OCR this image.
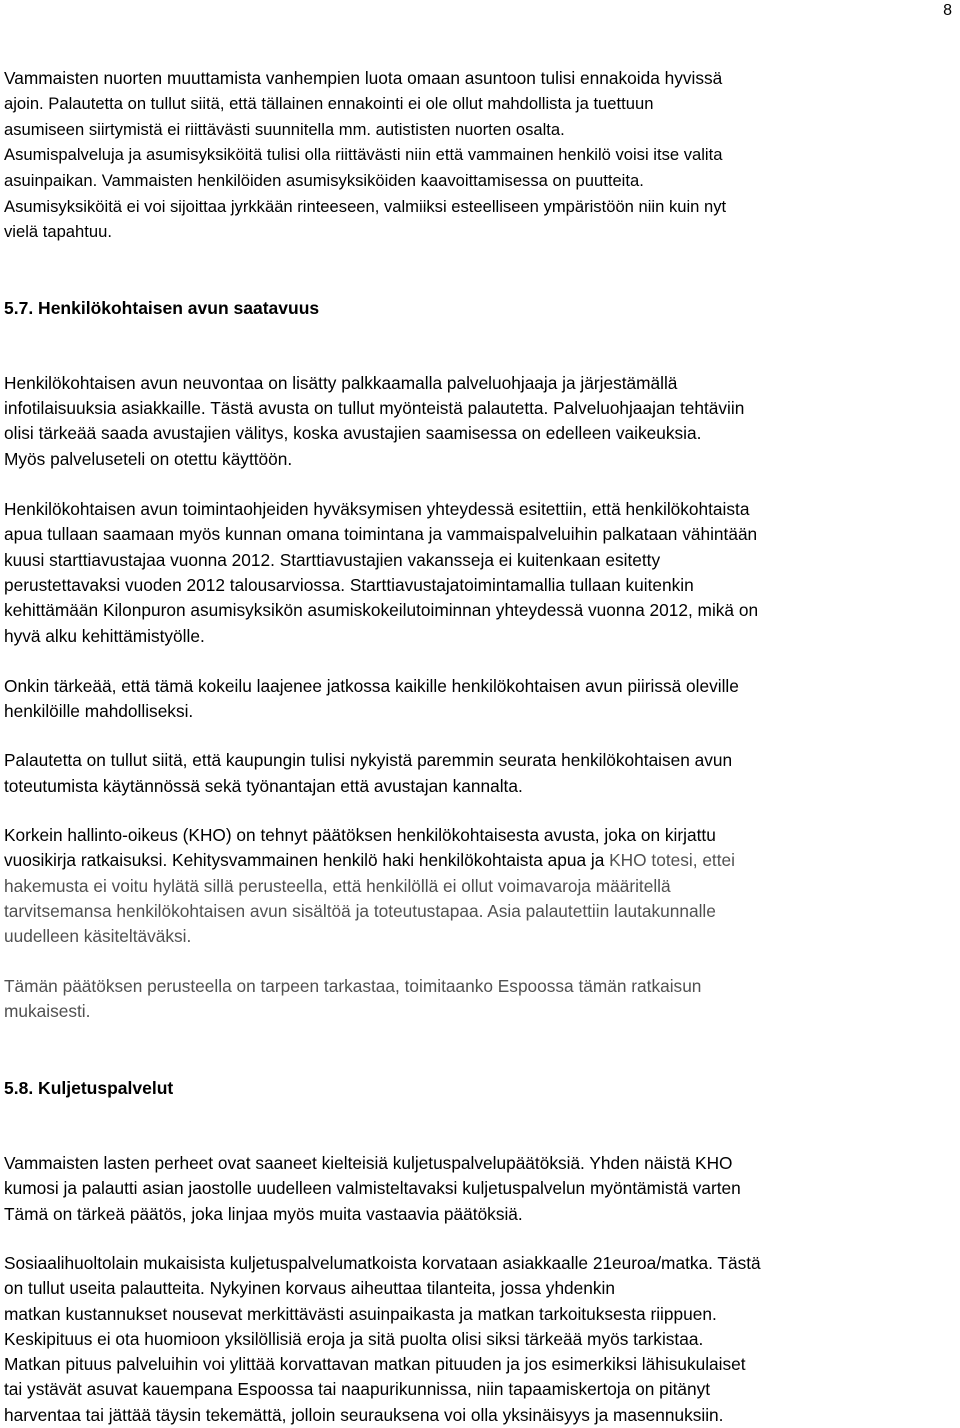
8

Vammaisten nuorten muuttamista vanhempien luota omaan asuntoon tulisi ennakoida hyvissä
ajoin. Palautetta on tullut siitä, että tällainen ennakointi ei ole ollut mahdollista ja tuettuun
asumiseen siirtymistä ei riittävästi suunnitella mm. autististen nuorten osalta.
Asumispalveluja ja asumisyksiköitä tulisi olla riittävästi niin että vammainen henkilö voisi itse valita
asuinpaikan. Vammaisten henkilöiden asumisyksiköiden kaavoittamisessa on puutteita.
Asumisyksiköitä ei voi sijoittaa jyrkkään rinteeseen, valmiiksi esteelliseen ympäristöön niin kuin nyt
vielä tapahtuu.

5.7. Henkilökohtaisen avun saatavuus

Henkilökohtaisen avun neuvontaa on lisätty palkkaamalla palveluohjaaja ja järjestämällä
infotilaisuuksia asiakkaille. Tästä avusta on tullut myönteistä palautetta. Palveluohjaajan tehtäviin
olisi tärkeää saada avustajien välitys, koska avustajien saamisessa on edelleen vaikeuksia.
Myös palveluseteli on otettu käyttöön.

Henkilökohtaisen avun toimintaohjeiden hyväksymisen yhteydessä esitettiin, että henkilökohtaista
apua tullaan saamaan myös kunnan omana toimintana ja vammaispalveluihin palkataan vähintään
kuusi starttiavustajaa vuonna 2012. Starttiavustajien vakansseja ei kuitenkaan esitetty
perustettavaksi vuoden 2012 talousarviossa. Starttiavustajatoimintamallia tullaan kuitenkin
kehittämään Kilonpuron asumisyksikön asumiskokeilutoiminnan yhteydessä vuonna 2012, mikä on
hyvä alku kehittämistyölle.

Onkin tärkeää, että tämä kokeilu laajenee jatkossa kaikille henkilökohtaisen avun piirissä oleville
henkilöille mahdolliseksi.

Palautetta on tullut siitä, että kaupungin tulisi nykyistä paremmin seurata henkilökohtaisen avun
toteutumista käytännössä sekä työnantajan että avustajan kannalta.

Korkein hallinto-oikeus (KHO) on tehnyt päätöksen henkilökohtaisesta avusta, joka on kirjattu
vuosikirja ratkaisuksi. Kehitysvammainen henkilö haki henkilökohtaista apua ja KHO totesi, ettei
hakemusta ei voitu hylätä sillä perusteella, että henkilöllä ei ollut voimavaroja määritellä
tarvitsemansa henkilökohtaisen avun sisältöä ja toteutustapaa. Asia palautettiin lautakunnalle
uudelleen käsiteltäväksi.

Tämän päätöksen perusteella on tarpeen tarkastaa, toimitaanko Espoossa tämän ratkaisun
mukaisesti.

5.8. Kuljetuspalvelut

Vammaisten lasten perheet ovat saaneet kielteisiä kuljetuspalvelupäätöksiä. Yhden näistä KHO
kumosi ja palautti asian jaostolle uudelleen valmisteltavaksi kuljetuspalvelun myöntämistä varten
Tämä on tärkeä päätös, joka linjaa myös muita vastaavia päätöksiä.

Sosiaalihuoltolain mukaisista kuljetuspalvelumatkoista korvataan asiakkaalle 21euroa/matka. Tästä
on tullut useita palautteita. Nykyinen korvaus aiheuttaa tilanteita, jossa yhdenkin
matkan kustannukset nousevat merkittävästi asuinpaikasta ja matkan tarkoituksesta riippuen.
Keskipituus ei ota huomioon yksilöllisiä eroja ja sitä puolta olisi siksi tärkeää myös tarkistaa.
Matkan pituus palveluihin voi ylittää korvattavan matkan pituuden ja jos esimerkiksi lähisukulaiset
tai ystävät asuvat kauempana Espoossa tai naapurikunnissa, niin tapaamiskertoja on pitänyt
harventaa tai jättää täysin tekemättä, jolloin seurauksena voi olla yksinäisyys ja masennuksiin.
